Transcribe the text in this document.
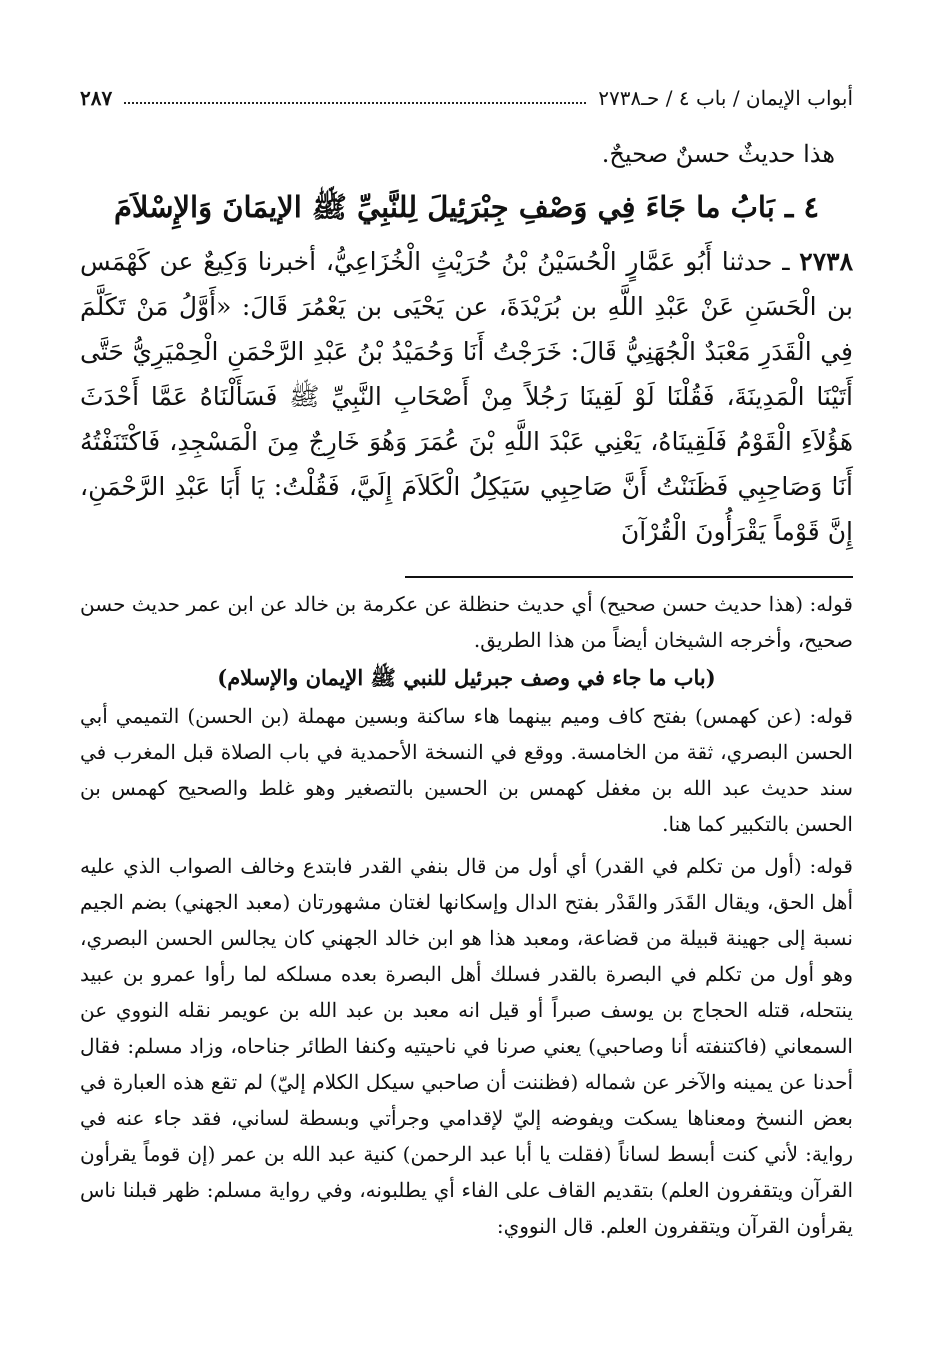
أبواب الإيمان / باب ٤ / حـ٢٧٣٨
٢٨٧
هذا حديثٌ حسنٌ صحيحٌ.
٤ ـ بَابُ ما جَاءَ فِي وَصْفِ جِبْرَئِيلَ لِلنَّبِيِّ ﷺ الإيمَانَ وَالإِسْلاَمَ

٢٧٣٨ ـ حدثنا أَبُو عَمَّارٍ الْحُسَيْنُ بْنُ حُرَيْثٍ الْخُزَاعِيُّ، أخبرنا وَكِيعٌ عن كَهْمَس بن الْحَسَنِ عَنْ عَبْدِ اللَّهِ بن بُرَيْدَةَ، عن يَحْيَى بن يَعْمُرَ قَالَ: «أَوَّلُ مَنْ تَكَلَّمَ فِي الْقَدَرِ مَعْبَدٌ الْجُهَنِيُّ قَالَ: خَرَجْتُ أَنَا وَحُمَيْدُ بْنُ عَبْدِ الرَّحْمَنِ الْحِمْيَرِيُّ حَتَّى أَتَيْنَا الْمَدِينَةَ، فَقُلْنَا لَوْ لَقِينَا رَجُلاً مِنْ أَصْحَابِ النَّبِيِّ ﷺ فَسَأَلْنَاهُ عَمَّا أَحْدَثَ هَؤُلاَءِ الْقَوْمُ فَلَقِينَاهُ، يَعْنِي عَبْدَ اللَّهِ بْنَ عُمَرَ وَهُوَ خَارِجٌ مِنَ الْمَسْجِدِ، فَاكْتَنَفْتُهُ أَنَا وَصَاحِبِي فَظَنَنْتُ أَنَّ صَاحِبِي سَيَكِلُ الْكَلاَمَ إِلَيَّ، فَقُلْتُ: يَا أَبَا عَبْدِ الرَّحْمَنِ، إِنَّ قَوْماً يَقْرَأُونَ الْقُرْآنَ

قوله: (هذا حديث حسن صحيح) أي حديث حنظلة عن عكرمة بن خالد عن ابن عمر حديث حسن صحيح، وأخرجه الشيخان أيضاً من هذا الطريق.

(باب ما جاء في وصف جبرئيل للنبي ﷺ الإيمان والإسلام)

قوله: (عن كهمس) بفتح كاف وميم بينهما هاء ساكنة وبسين مهملة (بن الحسن) التميمي أبي الحسن البصري، ثقة من الخامسة. ووقع في النسخة الأحمدية في باب الصلاة قبل المغرب في سند حديث عبد الله بن مغفل كهمس بن الحسين بالتصغير وهو غلط والصحيح كهمس بن الحسن بالتكبير كما هنا.

قوله: (أول من تكلم في القدر) أي أول من قال بنفي القدر فابتدع وخالف الصواب الذي عليه أهل الحق، ويقال القَدَر والقَدْر بفتح الدال وإسكانها لغتان مشهورتان (معبد الجهني) بضم الجيم نسبة إلى جهينة قبيلة من قضاعة، ومعبد هذا هو ابن خالد الجهني كان يجالس الحسن البصري، وهو أول من تكلم في البصرة بالقدر فسلك أهل البصرة بعده مسلكه لما رأوا عمرو بن عبيد ينتحله، قتله الحجاج بن يوسف صبراً أو قيل انه معبد بن عبد الله بن عويمر نقله النووي عن السمعاني (فاكتنفته أنا وصاحبي) يعني صرنا في ناحيتيه وكنفا الطائر جناحاه، وزاد مسلم: فقال أحدنا عن يمينه والآخر عن شماله (فظننت أن صاحبي سيكل الكلام إليّ) لم تقع هذه العبارة في بعض النسخ ومعناها يسكت ويفوضه إليّ لإقدامي وجرأتي وبسطة لساني، فقد جاء عنه في رواية: لأني كنت أبسط لساناً (فقلت يا أبا عبد الرحمن) كنية عبد الله بن عمر (إن قوماً يقرأون القرآن ويتقفرون العلم) بتقديم القاف على الفاء أي يطلبونه، وفي رواية مسلم: ظهر قبلنا ناس يقرأون القرآن ويتقفرون العلم. قال النووي:
